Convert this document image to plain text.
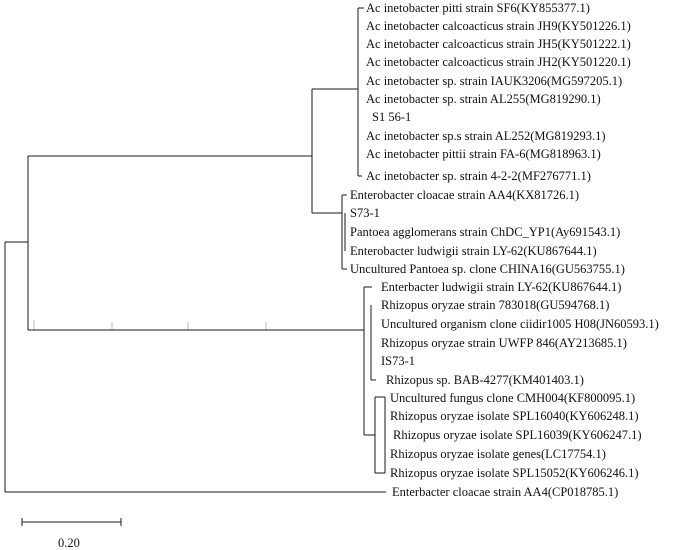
Ac inetobacter pitti strain SF6(KY855377.1)
Ac inetobacter calcoacticus strain JH9(KY501226.1)
Ac inetobacter calcoacticus strain JH5(KY501222.1)
Ac inetobacter calcoacticus strain JH2(KY501220.1)
Ac inetobacter sp. strain IAUK3206(MG597205.1)
Ac inetobacter sp. strain AL255(MG819290.1)
S1 56-1
Ac inetobacter sp.s strain AL252(MG819293.1)
Ac inetobacter pittii strain FA-6(MG818963.1)
Ac inetobacter sp. strain 4-2-2(MF276771.1)
Enterobacter cloacae strain AA4(KX81726.1)
S73-1
Pantoea agglomerans strain ChDC_YP1(Ay691543.1)
Enterobacter ludwigii strain LY-62(KU867644.1)
Uncultured Pantoea sp. clone CHINA16(GU563755.1)
Enterbacter ludwigii strain LY-62(KU867644.1)
Rhizopus oryzae strain 783018(GU594768.1)
Uncultured organism clone ciidir1005 H08(JN60593.1)
Rhizopus oryzae strain UWFP 846(AY213685.1)
IS73-1
Rhizopus sp. BAB-4277(KM401403.1)
Uncultured fungus clone CMH004(KF800095.1)
Rhizopus oryzae isolate SPL16040(KY606248.1)
Rhizopus oryzae isolate SPL16039(KY606247.1)
Rhizopus oryzae isolate genes(LC17754.1)
Rhizopus oryzae isolate SPL15052(KY606246.1)
Enterbacter cloacae strain AA4(CP018785.1)
0.20
